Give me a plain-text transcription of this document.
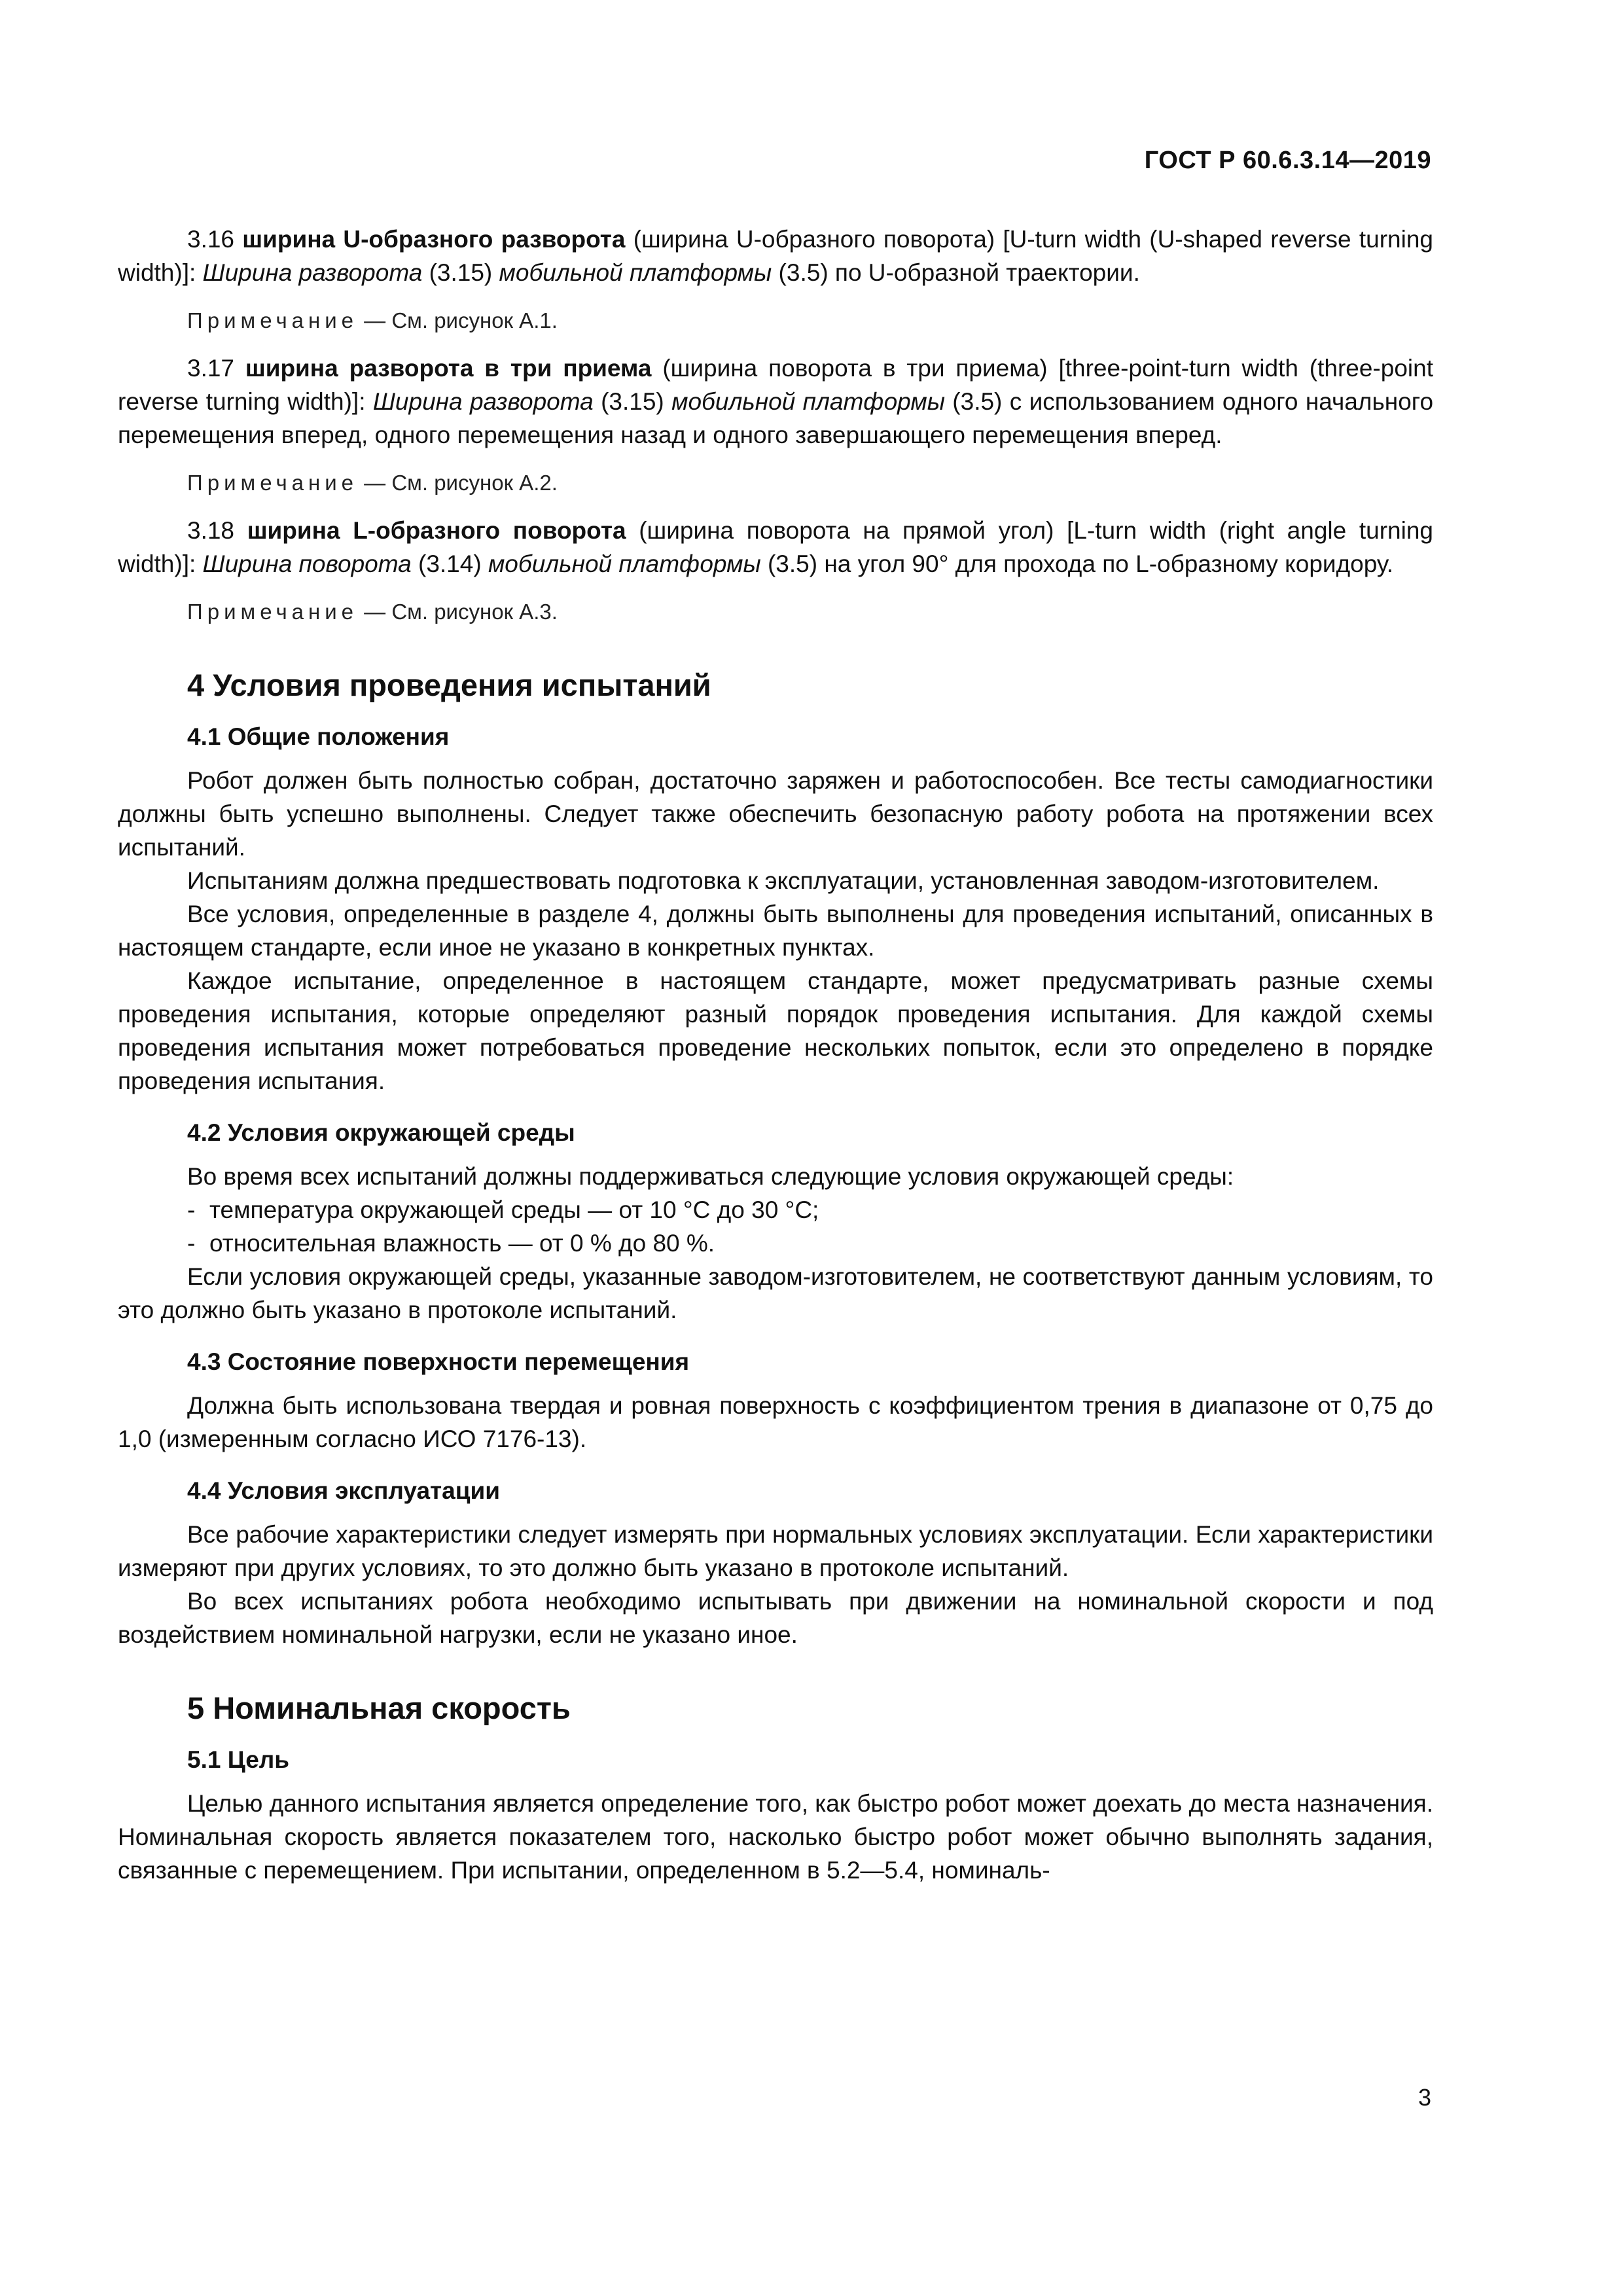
ГОСТ Р 60.6.3.14—2019

3.16 ширина U-образного разворота (ширина U-образного поворота) [U-turn width (U-shaped reverse turning width)]: Ширина разворота (3.15) мобильной платформы (3.5) по U-образной траектории.

Примечание — См. рисунок А.1.

3.17 ширина разворота в три приема (ширина поворота в три приема) [three-point-turn width (three-point reverse turning width)]: Ширина разворота (3.15) мобильной платформы (3.5) с использованием одного начального перемещения вперед, одного перемещения назад и одного завершающего перемещения вперед.

Примечание — См. рисунок А.2.

3.18 ширина L-образного поворота (ширина поворота на прямой угол) [L-turn width (right angle turning width)]: Ширина поворота (3.14) мобильной платформы (3.5) на угол 90° для прохода по L-образному коридору.

Примечание — См. рисунок А.3.
4 Условия проведения испытаний
4.1 Общие положения

Робот должен быть полностью собран, достаточно заряжен и работоспособен. Все тесты самодиагностики должны быть успешно выполнены. Следует также обеспечить безопасную работу робота на протяжении всех испытаний.

Испытаниям должна предшествовать подготовка к эксплуатации, установленная заводом-изготовителем.

Все условия, определенные в разделе 4, должны быть выполнены для проведения испытаний, описанных в настоящем стандарте, если иное не указано в конкретных пунктах.

Каждое испытание, определенное в настоящем стандарте, может предусматривать разные схемы проведения испытания, которые определяют разный порядок проведения испытания. Для каждой схемы проведения испытания может потребоваться проведение нескольких попыток, если это определено в порядке проведения испытания.

4.2 Условия окружающей среды

Во время всех испытаний должны поддерживаться следующие условия окружающей среды:

- температура окружающей среды — от 10 °С до 30 °С;
- относительная влажность — от 0 % до 80 %.

Если условия окружающей среды, указанные заводом-изготовителем, не соответствуют данным условиям, то это должно быть указано в протоколе испытаний.

4.3 Состояние поверхности перемещения

Должна быть использована твердая и ровная поверхность с коэффициентом трения в диапазоне от 0,75 до 1,0 (измеренным согласно ИСО 7176-13).

4.4 Условия эксплуатации

Все рабочие характеристики следует измерять при нормальных условиях эксплуатации. Если характеристики измеряют при других условиях, то это должно быть указано в протоколе испытаний.

Во всех испытаниях робота необходимо испытывать при движении на номинальной скорости и под воздействием номинальной нагрузки, если не указано иное.

5 Номинальная скорость
5.1 Цель

Целью данного испытания является определение того, как быстро робот может доехать до места назначения. Номинальная скорость является показателем того, насколько быстро робот может обычно выполнять задания, связанные с перемещением. При испытании, определенном в 5.2—5.4, номиналь-

3
